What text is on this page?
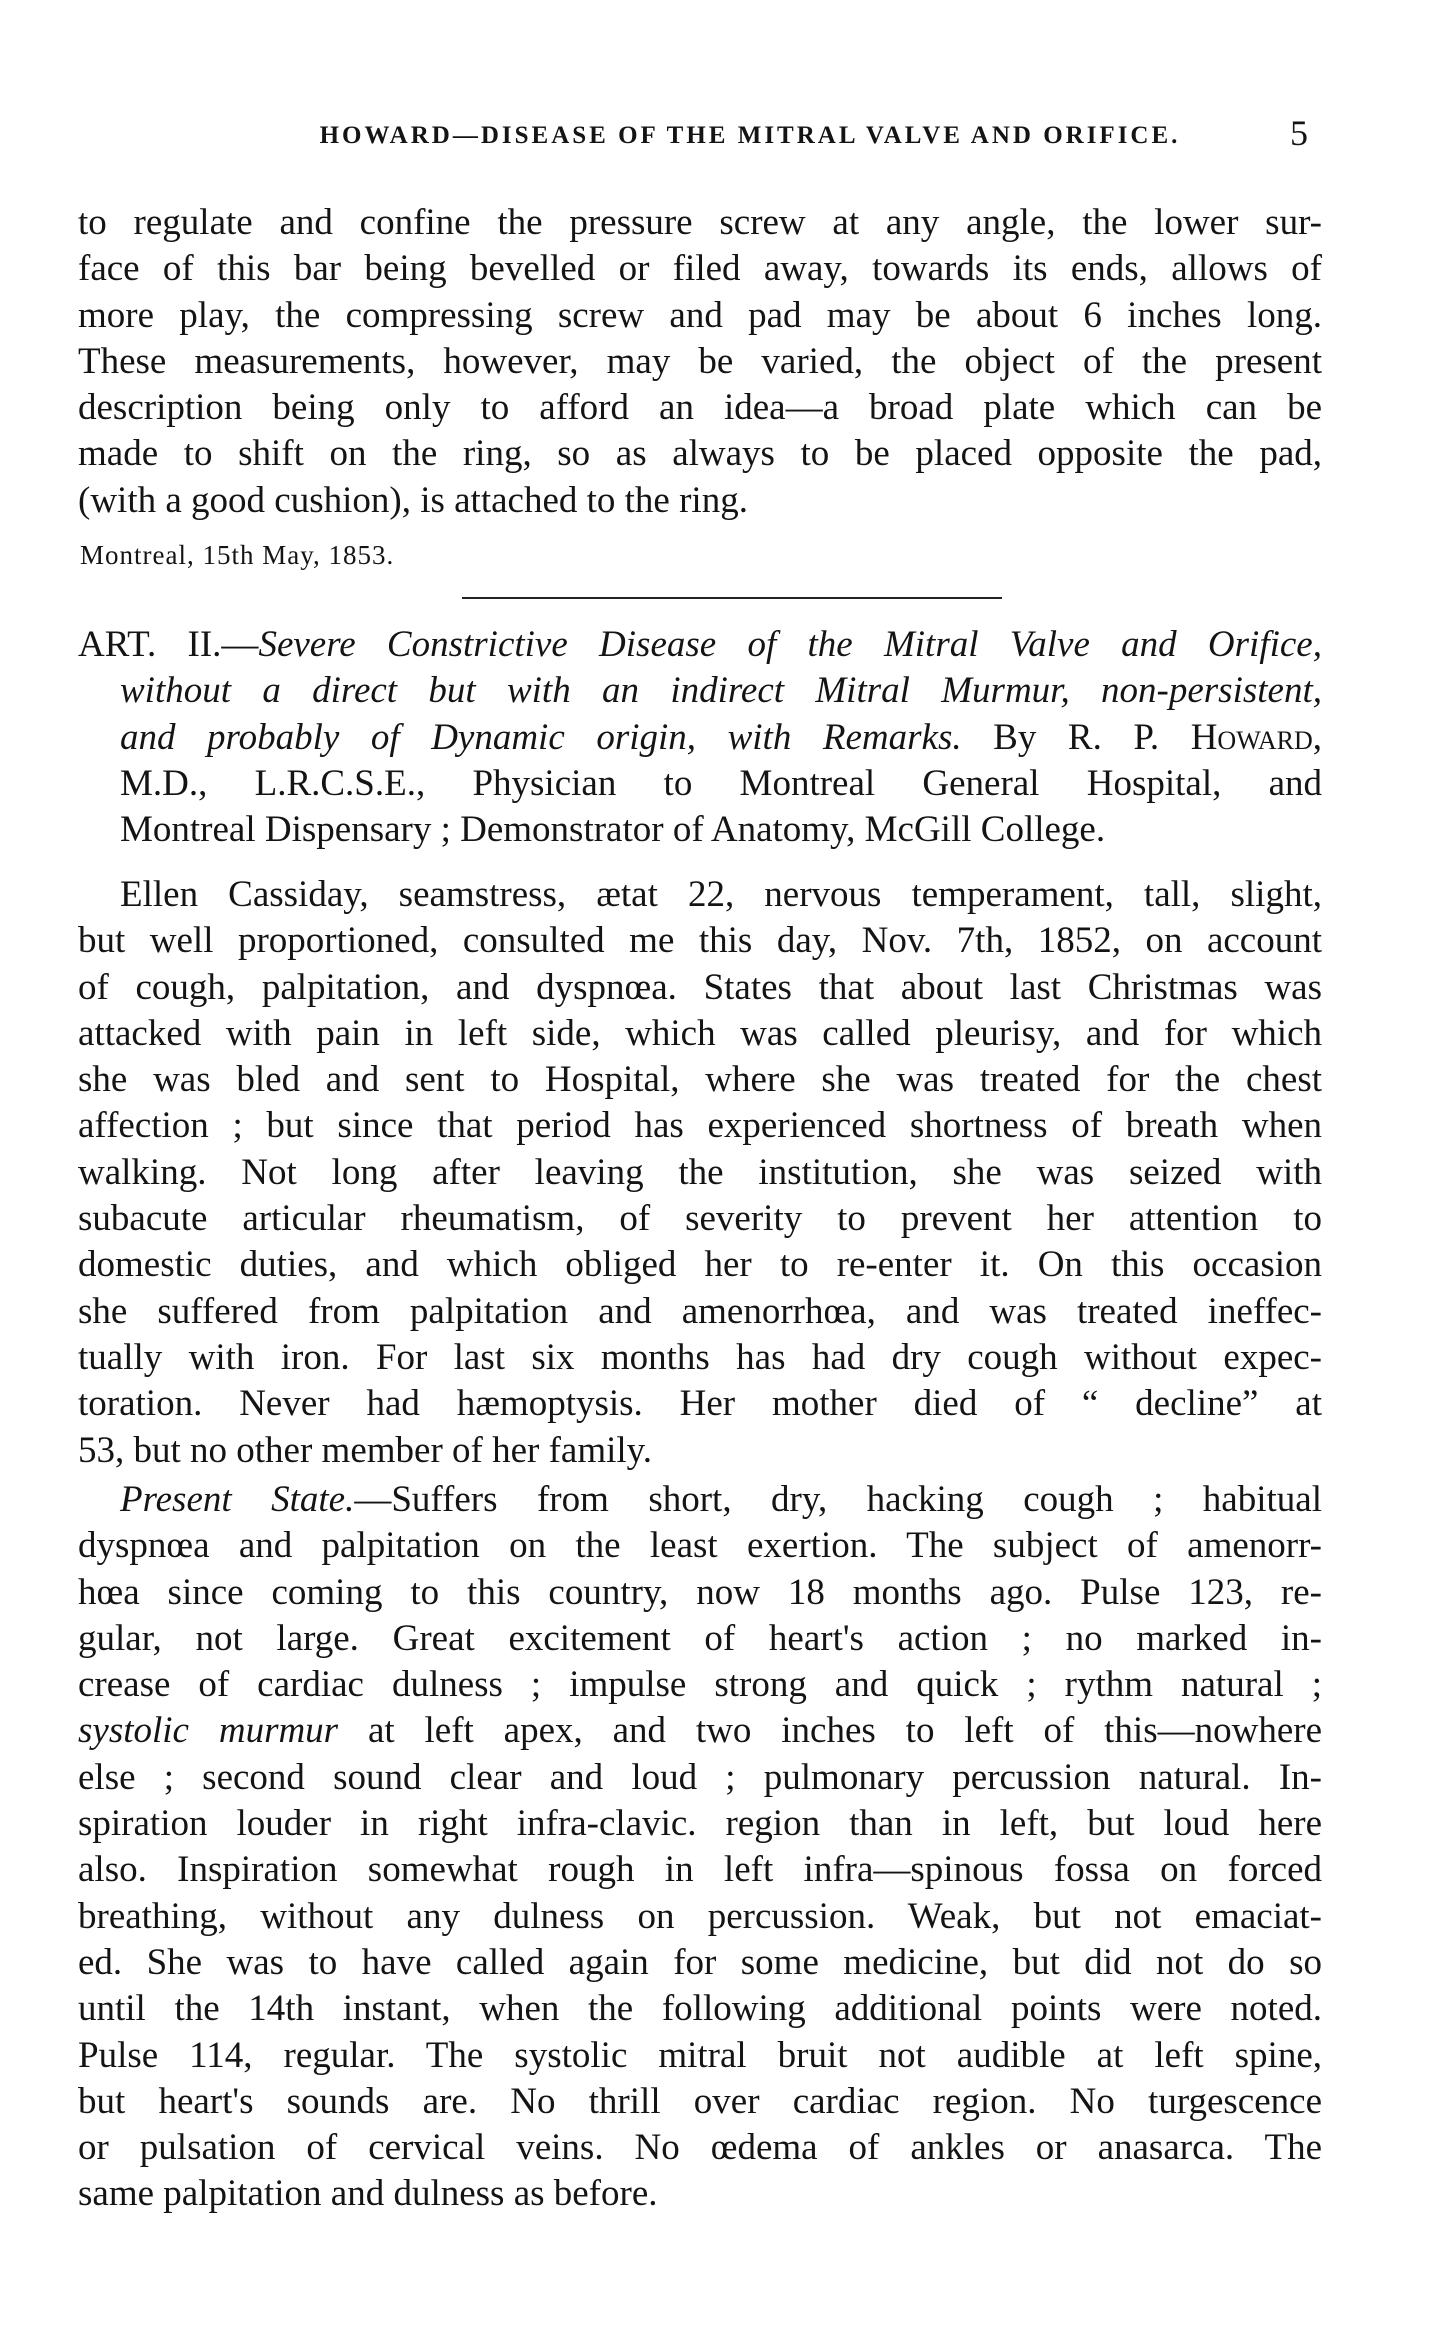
HOWARD—DISEASE OF THE MITRAL VALVE AND ORIFICE.	5
to regulate and confine the pressure screw at any angle, the lower sur-
face of this bar being bevelled or filed away, towards its ends, allows of
more play, the compressing screw and pad may be about 6 inches long.
These measurements, however, may be varied, the object of the present
description being only to afford an idea—a broad plate which can be
made to shift on the ring, so as always to be placed opposite the pad,
(with a good cushion), is attached to the ring.
Montreal, 15th May, 1853.
ART. II.—Severe Constrictive Disease of the Mitral Valve and Orifice,
without a direct but with an indirect Mitral Murmur, non-persistent,
and probably of Dynamic origin, with Remarks. By R. P. Howard,
M.D., L.R.C.S.E., Physician to Montreal General Hospital, and
Montreal Dispensary ; Demonstrator of Anatomy, McGill College.
Ellen Cassiday, seamstress, ætat 22, nervous temperament, tall, slight,
but well proportioned, consulted me this day, Nov. 7th, 1852, on account
of cough, palpitation, and dyspnœa. States that about last Christmas was
attacked with pain in left side, which was called pleurisy, and for which
she was bled and sent to Hospital, where she was treated for the chest
affection ; but since that period has experienced shortness of breath when
walking. Not long after leaving the institution, she was seized with
subacute articular rheumatism, of severity to prevent her attention to
domestic duties, and which obliged her to re-enter it. On this occasion
she suffered from palpitation and amenorrhœa, and was treated ineffec-
tually with iron. For last six months has had dry cough without expec-
toration. Never had hæmoptysis. Her mother died of “ decline” at
53, but no other member of her family.
Present State.—Suffers from short, dry, hacking cough ; habitual
dyspnœa and palpitation on the least exertion. The subject of amenorr-
hœa since coming to this country, now 18 months ago. Pulse 123, re-
gular, not large. Great excitement of heart's action ; no marked in-
crease of cardiac dulness ; impulse strong and quick ; rythm natural ;
systolic murmur at left apex, and two inches to left of this—nowhere
else ; second sound clear and loud ; pulmonary percussion natural. In-
spiration louder in right infra-clavic. region than in left, but loud here
also. Inspiration somewhat rough in left infra—spinous fossa on forced
breathing, without any dulness on percussion. Weak, but not emaciat-
ed. She was to have called again for some medicine, but did not do so
until the 14th instant, when the following additional points were noted.
Pulse 114, regular. The systolic mitral bruit not audible at left spine,
but heart's sounds are. No thrill over cardiac region. No turgescence
or pulsation of cervical veins. No œdema of ankles or anasarca. The
same palpitation and dulness as before.
